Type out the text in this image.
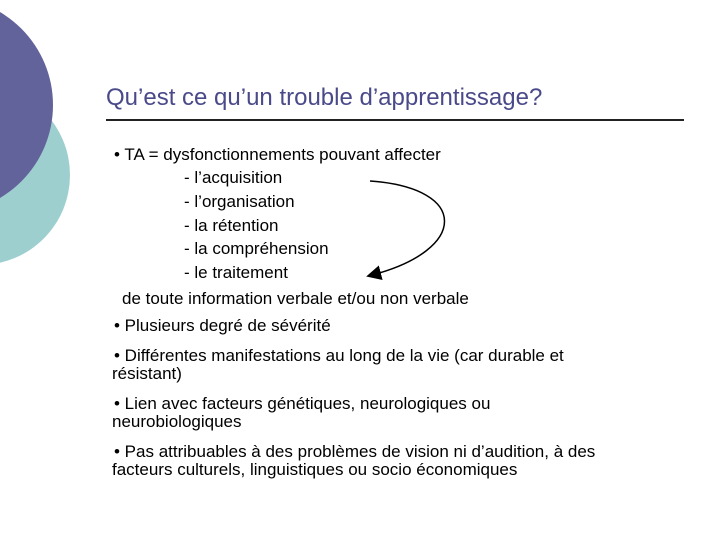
Qu’est ce qu’un trouble d’apprentissage?
• TA = dysfonctionnements pouvant affecter
- l’acquisition
- l’organisation
- la rétention
- la compréhension
- le traitement
de toute information verbale et/ou non verbale
• Plusieurs degré de sévérité
• Différentes manifestations au long de la vie (car durable et
résistant)
• Lien avec facteurs génétiques, neurologiques ou
neurobiologiques
• Pas attribuables à des problèmes de vision ni d’audition, à des
facteurs culturels, linguistiques ou socio économiques
